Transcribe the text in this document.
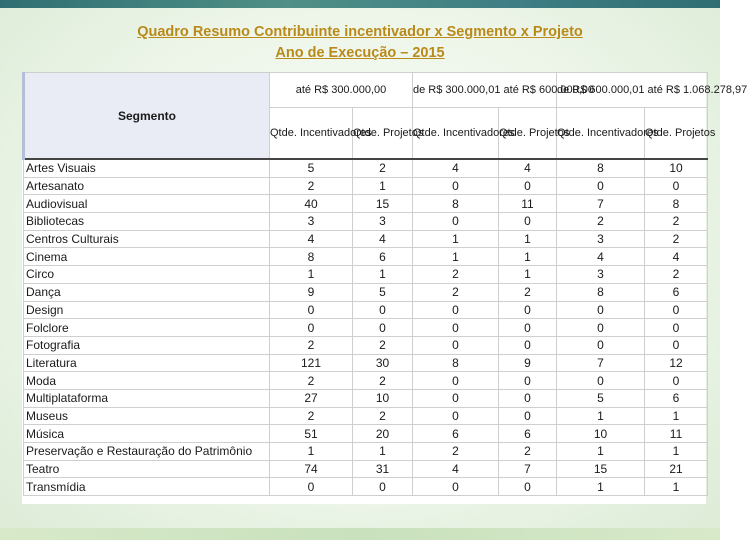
Quadro Resumo Contribuinte incentivador x Segmento x Projeto
Ano de Execução – 2015
Segmento	até R$ 300.000,00		de R$ 300.000,01 até R$ 600.000,00		de R$ 600.000,01 até R$ 1.068.278,97	
	Qtde. Incentivadores	Qtde. Projetos	Qtde. Incentivadores	Qtde. Projetos	Qtde. Incentivadores	Qtde. Projetos
Artes Visuais	5	2	4	4	8	10
Artesanato	2	1	0	0	0	0
Audiovisual	40	15	8	11	7	8
Bibliotecas	3	3	0	0	2	2
Centros Culturais	4	4	1	1	3	2
Cinema	8	6	1	1	4	4
Circo	1	1	2	1	3	2
Dança	9	5	2	2	8	6
Design	0	0	0	0	0	0
Folclore	0	0	0	0	0	0
Fotografia	2	2	0	0	0	0
Literatura	121	30	8	9	7	12
Moda	2	2	0	0	0	0
Multiplataforma	27	10	0	0	5	6
Museus	2	2	0	0	1	1
Música	51	20	6	6	10	11
Preservação e Restauração do Patrimônio	1	1	2	2	1	1
Teatro	74	31	4	7	15	21
Transmídia	0	0	0	0	1	1
